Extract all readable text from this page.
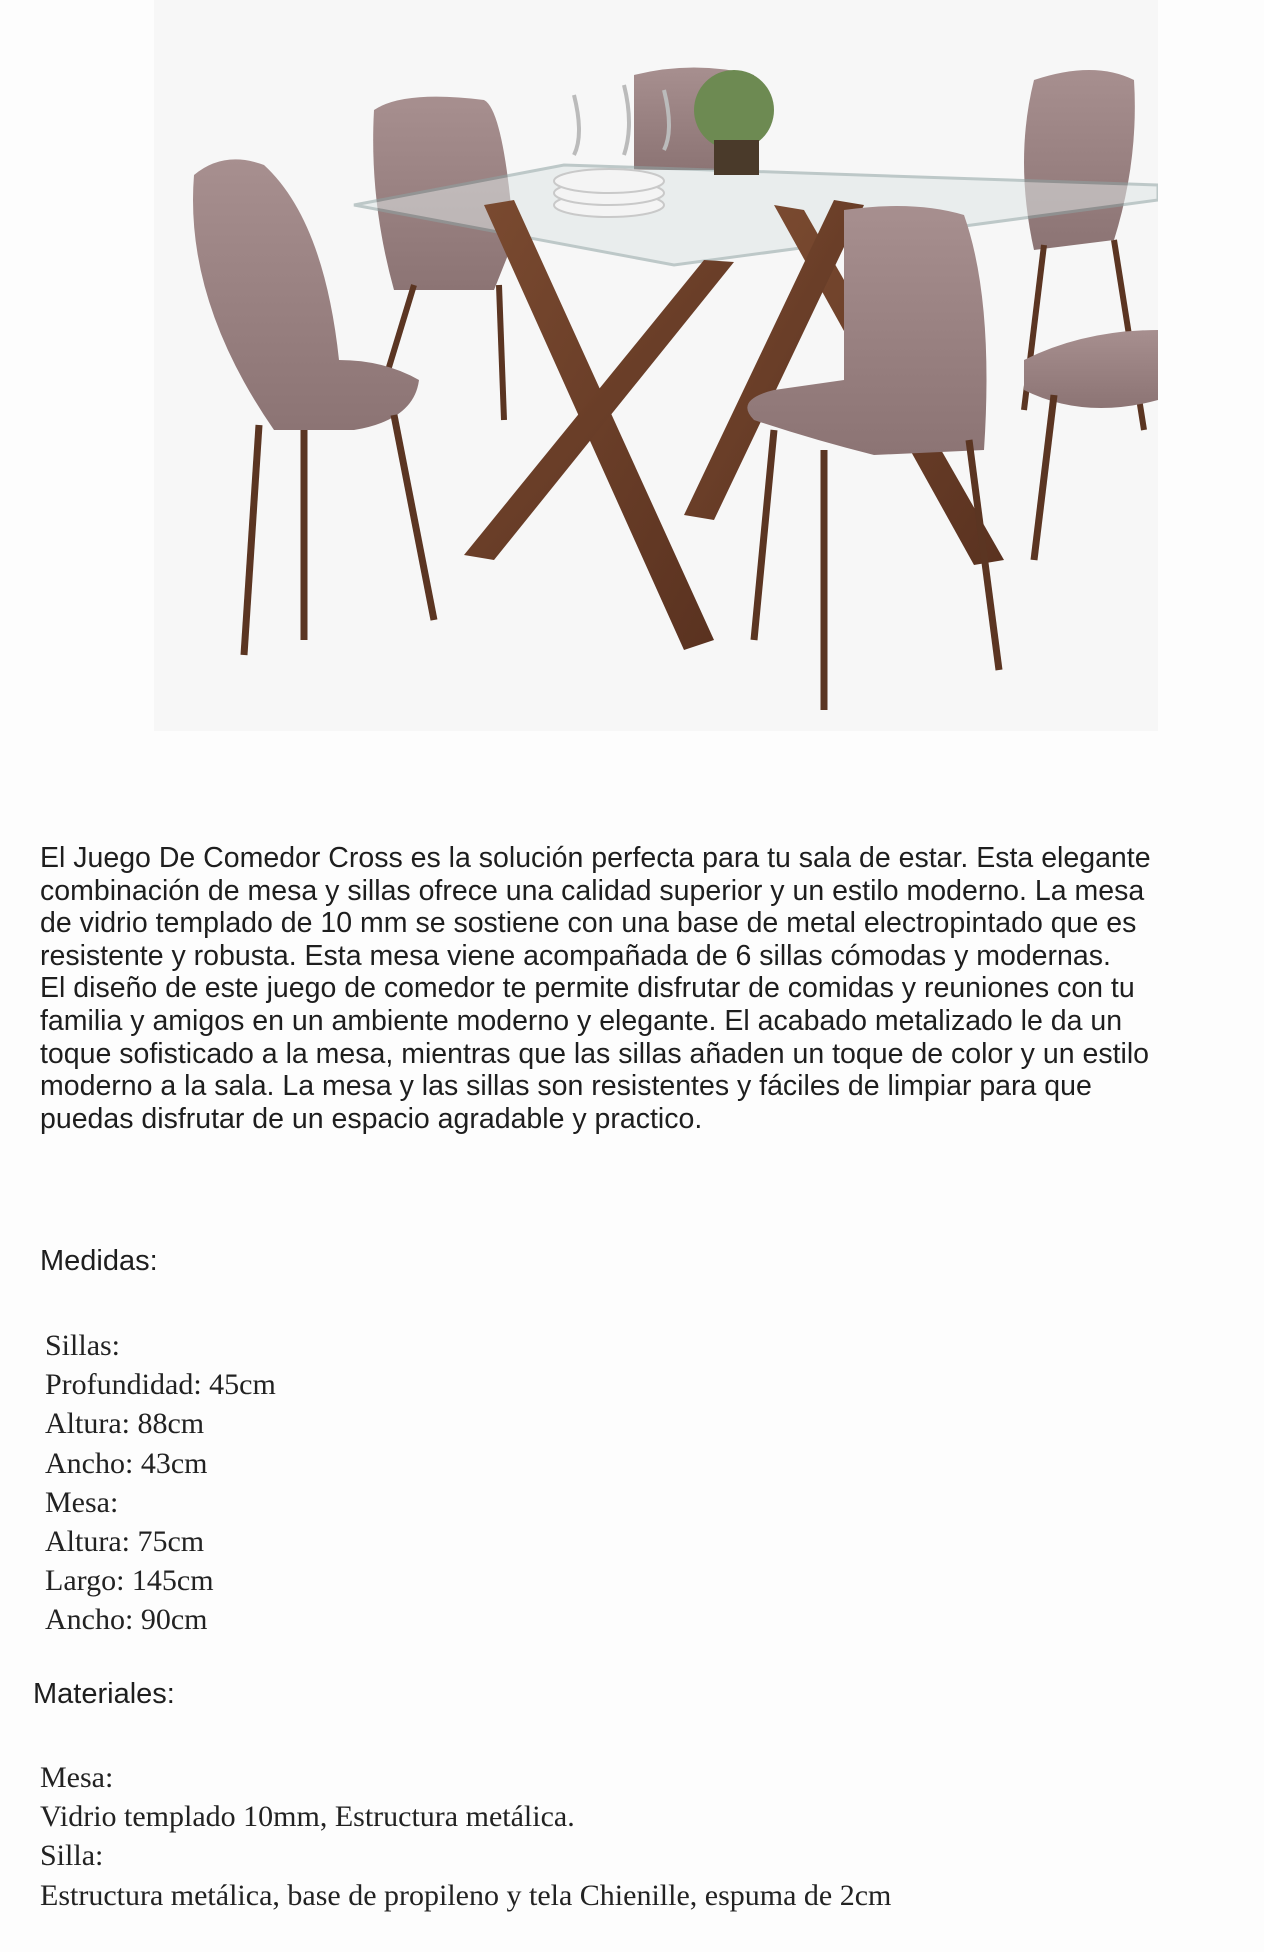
El Juego De Comedor Cross es la solución perfecta para tu sala de estar. Esta elegante
combinación de mesa y sillas ofrece una calidad superior y un estilo moderno. La mesa
de vidrio templado de 10 mm se sostiene con una base de metal electropintado que es
resistente y robusta. Esta mesa viene acompañada de 6 sillas cómodas y modernas.
El diseño de este juego de comedor te permite disfrutar de comidas y reuniones con tu
familia y amigos en un ambiente moderno y elegante. El acabado metalizado le da un
toque sofisticado a la mesa, mientras que las sillas añaden un toque de color y un estilo
moderno a la sala. La mesa y las sillas son resistentes y fáciles de limpiar para que
puedas disfrutar de un espacio agradable y practico.

Medidas:
Sillas:
Profundidad: 45cm
Altura: 88cm
Ancho: 43cm
Mesa:
Altura: 75cm
Largo: 145cm
Ancho: 90cm
Materiales:
Mesa:
Vidrio templado 10mm, Estructura metálica.
Silla:
Estructura metálica, base de propileno y tela Chienille, espuma de 2cm
